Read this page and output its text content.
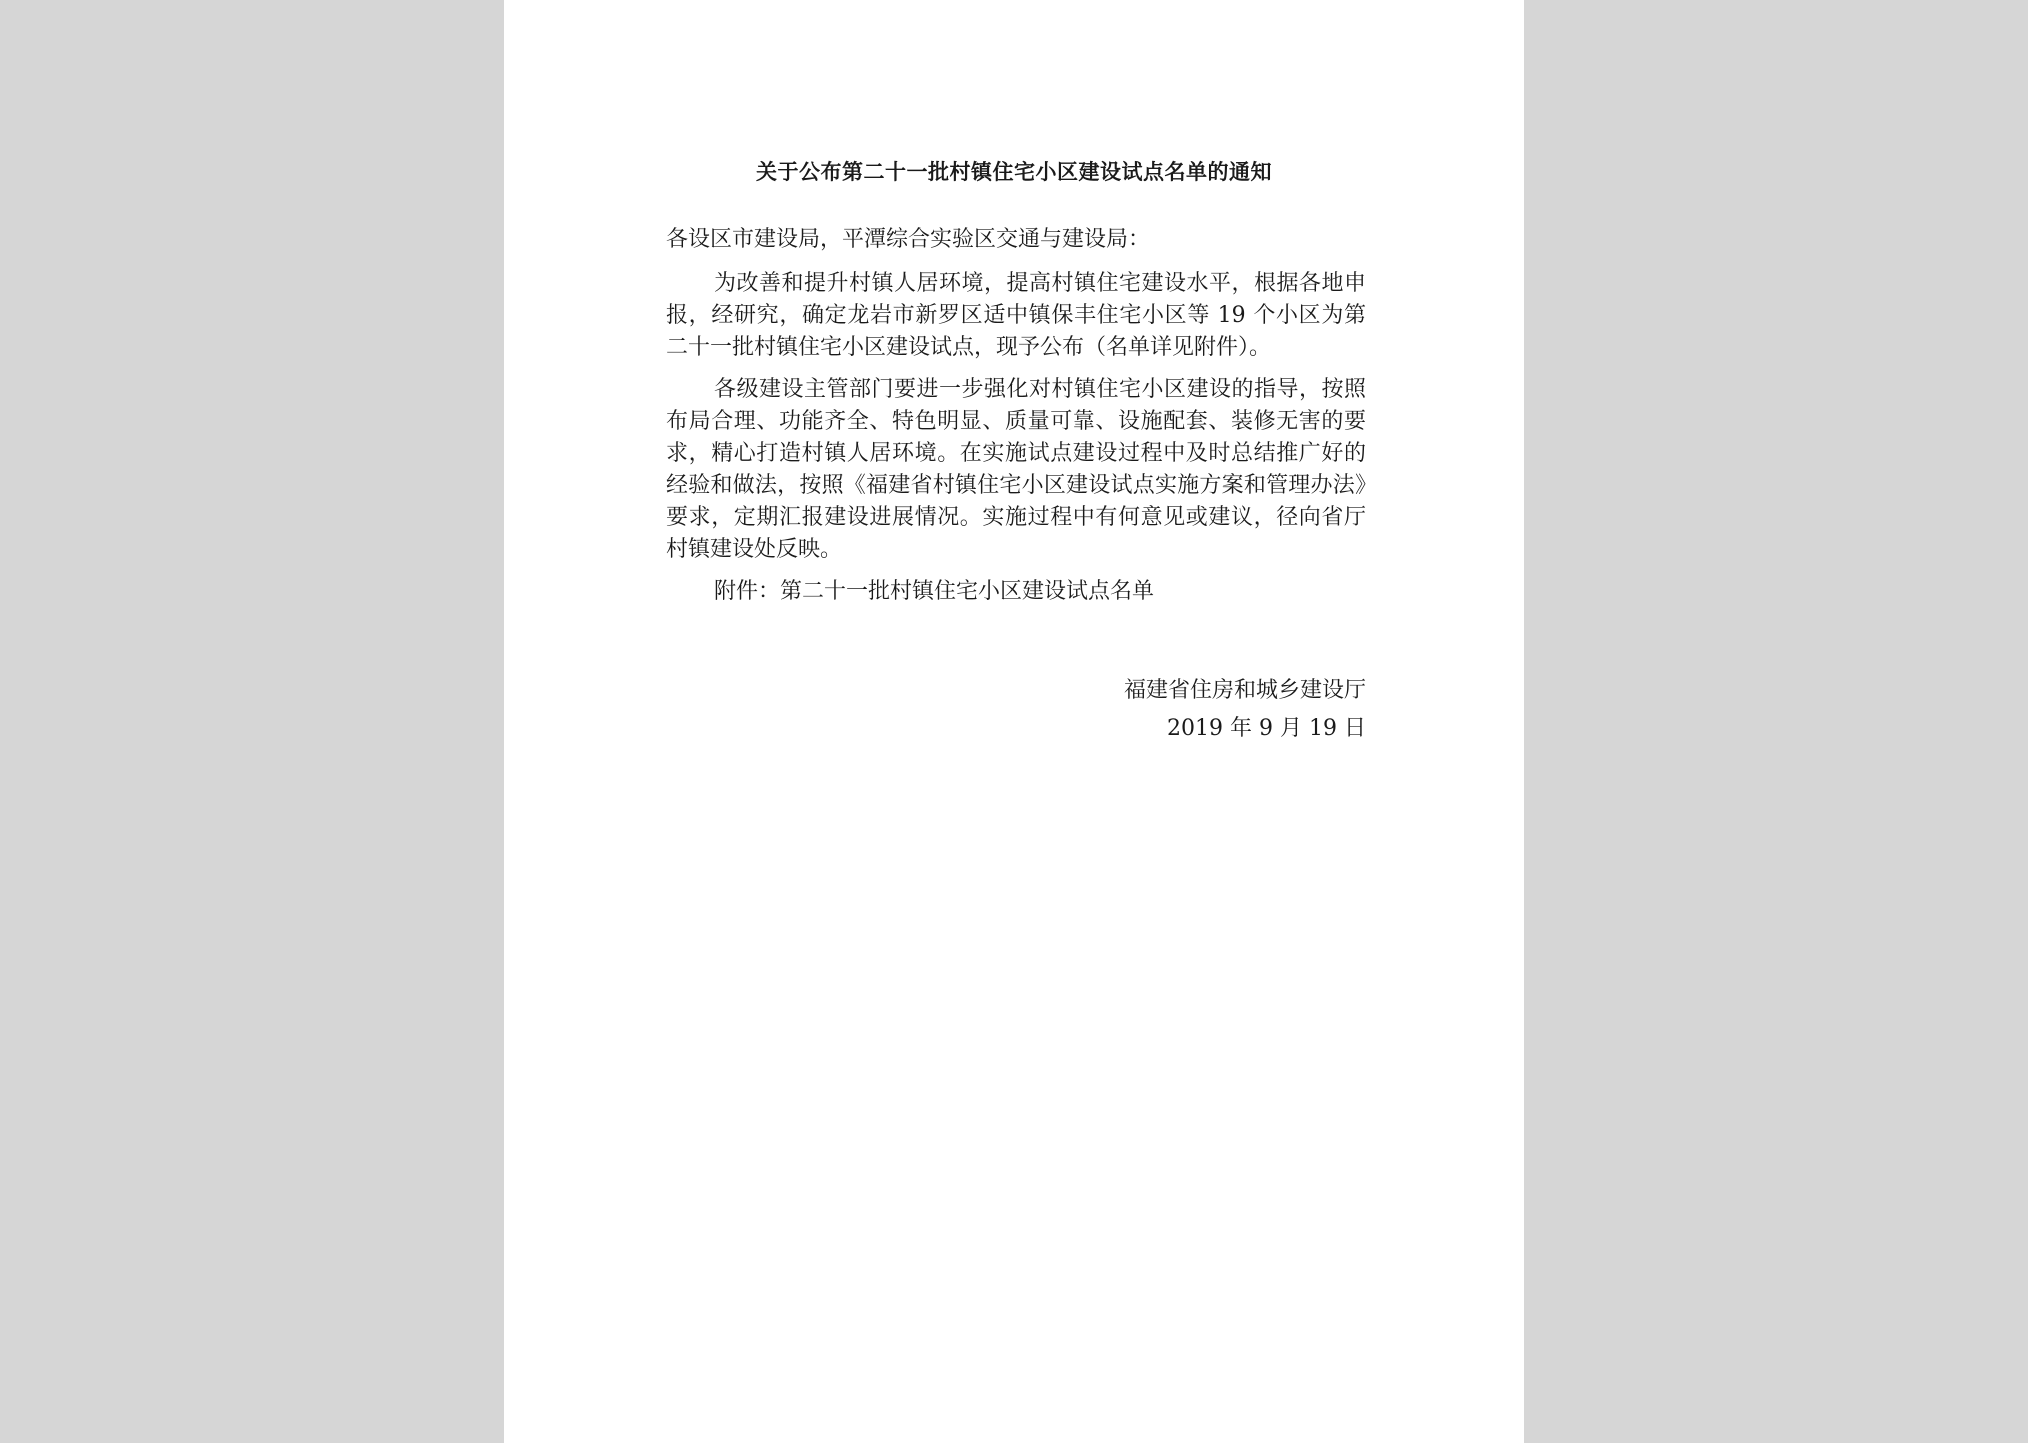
关于公布第二十一批村镇住宅小区建设试点名单的通知

各设区市建设局，平潭综合实验区交通与建设局：

为改善和提升村镇人居环境，提高村镇住宅建设水平，根据各地申报，经研究，确定龙岩市新罗区适中镇保丰住宅小区等 19 个小区为第二十一批村镇住宅小区建设试点，现予公布（名单详见附件）。

各级建设主管部门要进一步强化对村镇住宅小区建设的指导，按照布局合理、功能齐全、特色明显、质量可靠、设施配套、装修无害的要求，精心打造村镇人居环境。在实施试点建设过程中及时总结推广好的经验和做法，按照《福建省村镇住宅小区建设试点实施方案和管理办法》要求，定期汇报建设进展情况。实施过程中有何意见或建议，径向省厅村镇建设处反映。

附件：第二十一批村镇住宅小区建设试点名单

福建省住房和城乡建设厅
2019 年 9 月 19 日
